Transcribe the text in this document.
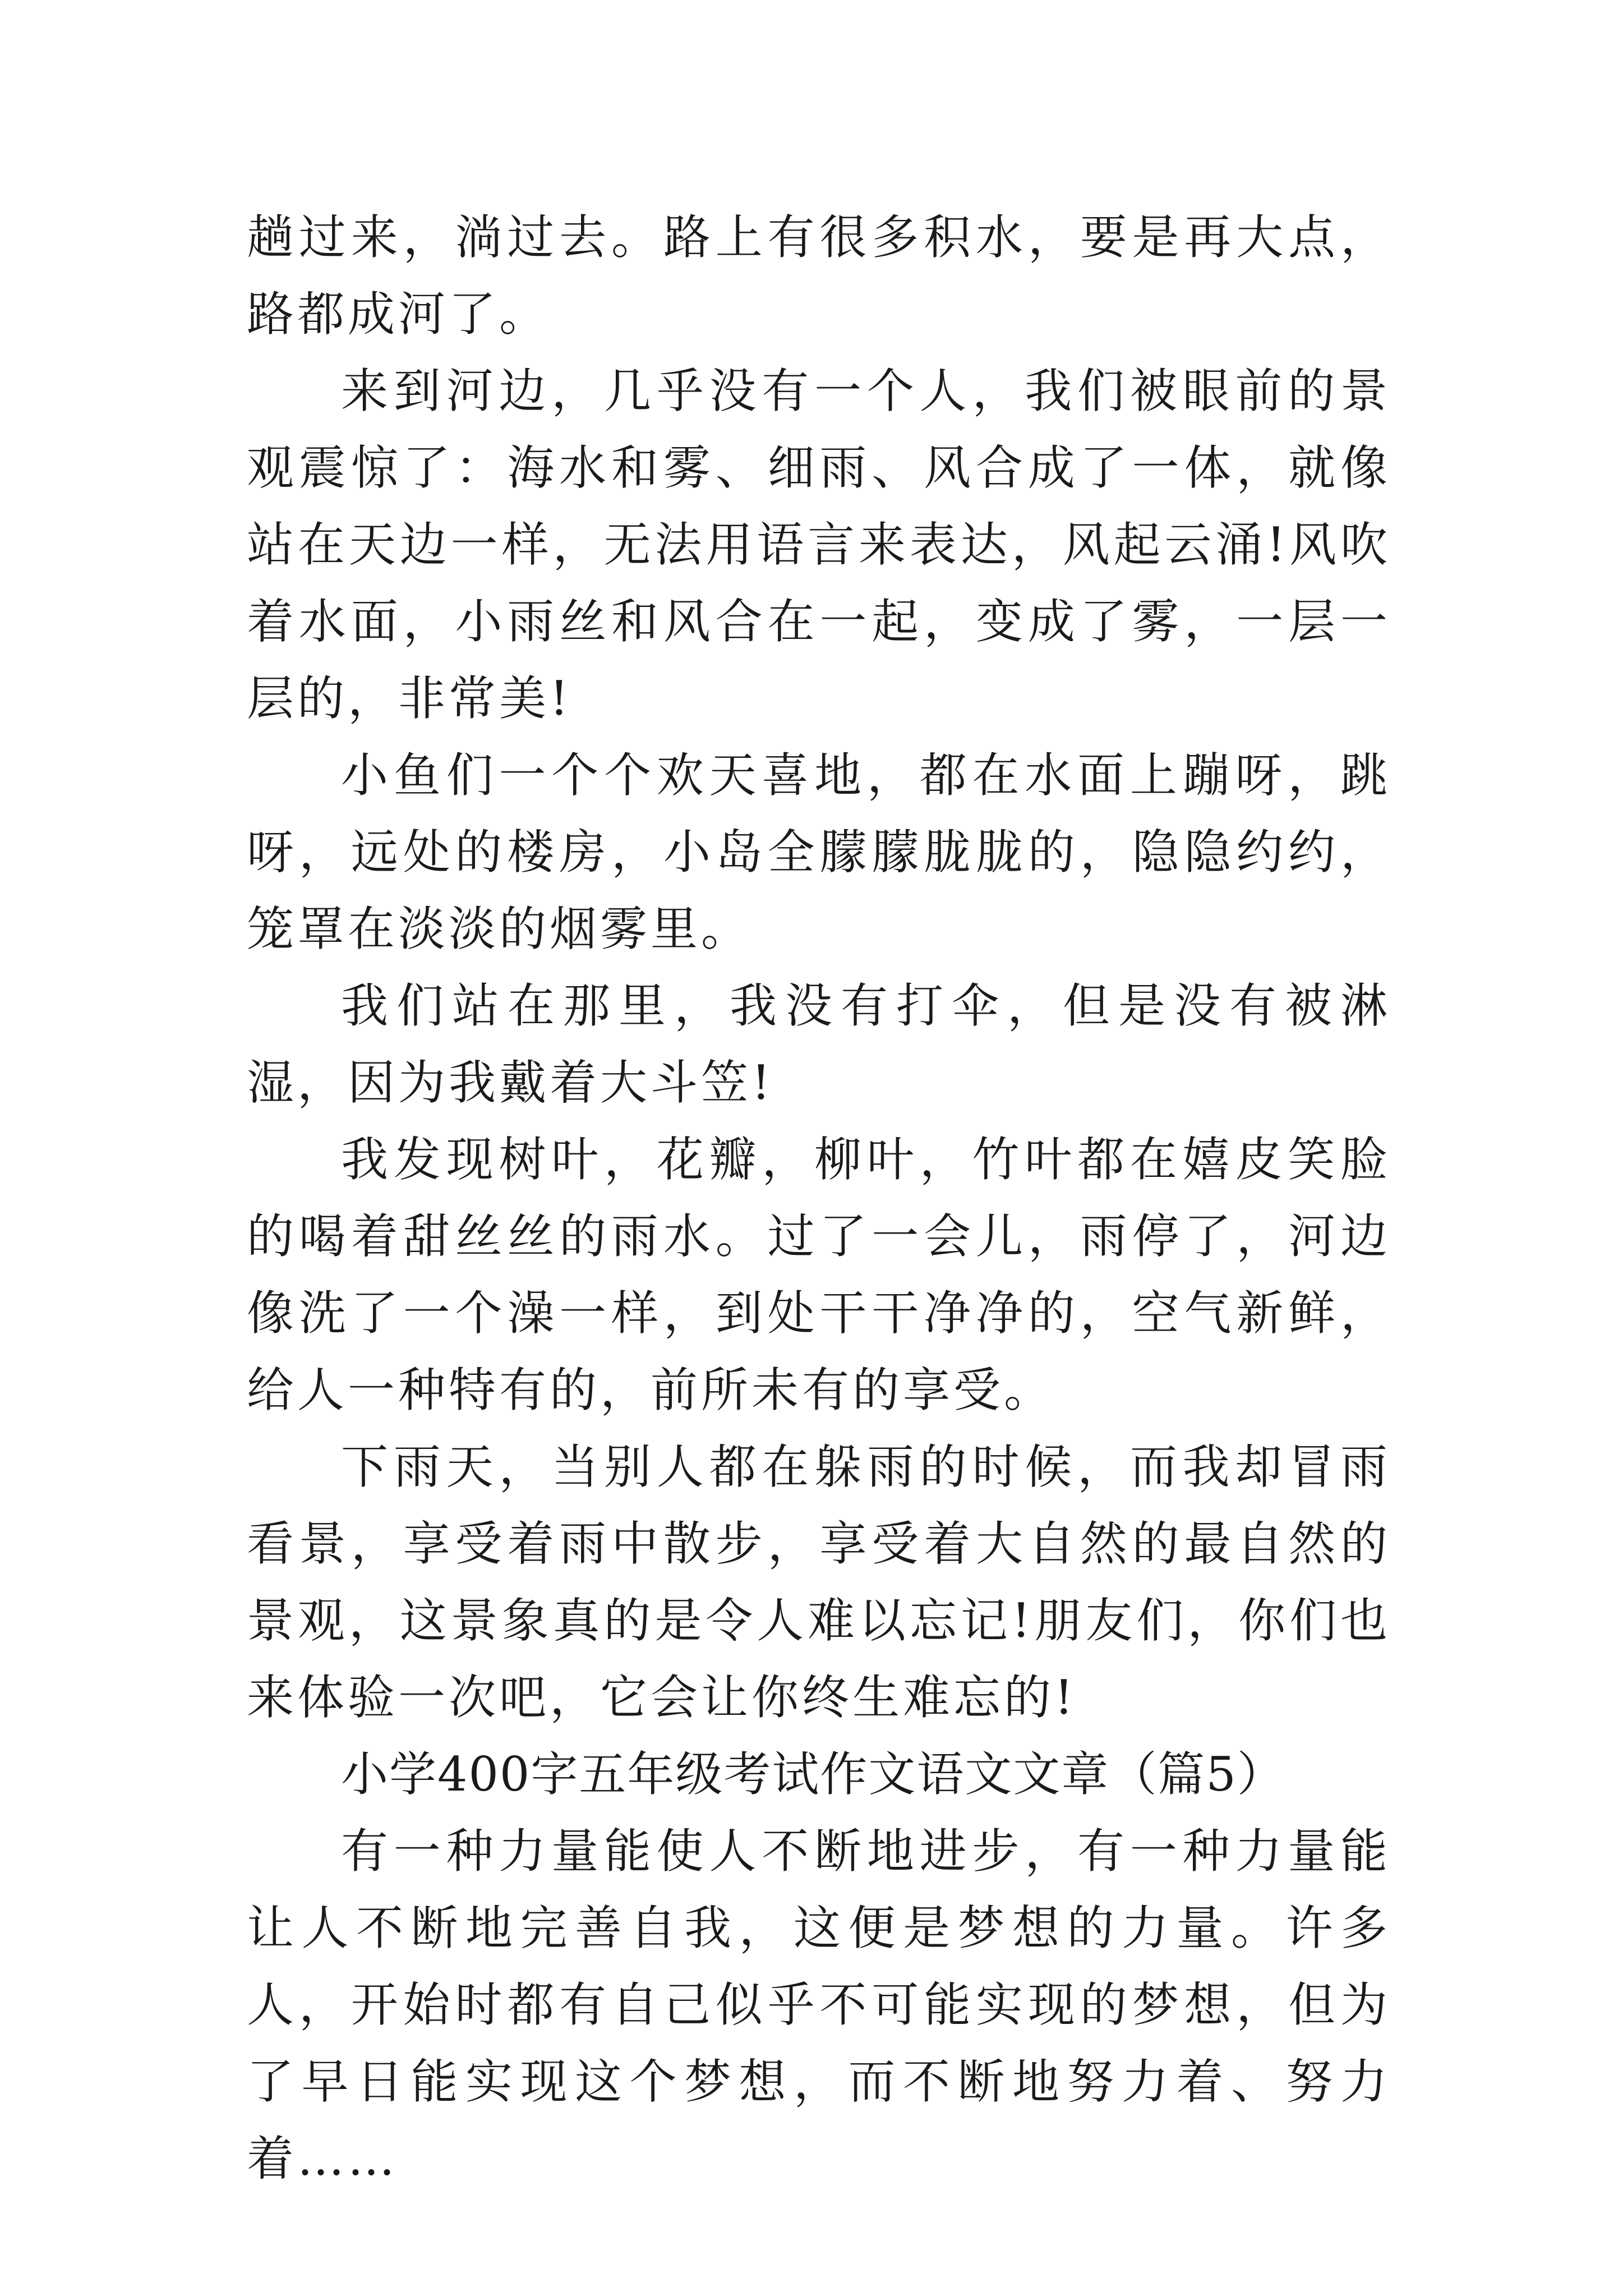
趟过来，淌过去。路上有很多积水，要是再大点，路都成河了。

来到河边，几乎没有一个人，我们被眼前的景观震惊了：海水和雾、细雨、风合成了一体，就像站在天边一样，无法用语言来表达，风起云涌!风吹着水面，小雨丝和风合在一起，变成了雾，一层一层的，非常美!

小鱼们一个个欢天喜地，都在水面上蹦呀，跳呀，远处的楼房，小岛全朦朦胧胧的，隐隐约约，笼罩在淡淡的烟雾里。

我们站在那里，我没有打伞，但是没有被淋湿，因为我戴着大斗笠!

我发现树叶，花瓣，柳叶，竹叶都在嬉皮笑脸的喝着甜丝丝的雨水。过了一会儿，雨停了，河边像洗了一个澡一样，到处干干净净的，空气新鲜，给人一种特有的，前所未有的享受。

下雨天，当别人都在躲雨的时候，而我却冒雨看景，享受着雨中散步，享受着大自然的最自然的景观，这景象真的是令人难以忘记!朋友们，你们也来体验一次吧，它会让你终生难忘的!

小学400字五年级考试作文语文文章（篇5）

有一种力量能使人不断地进步，有一种力量能让人不断地完善自我，这便是梦想的力量。许多人，开始时都有自己似乎不可能实现的梦想，但为了早日能实现这个梦想，而不断地努力着、努力着……
